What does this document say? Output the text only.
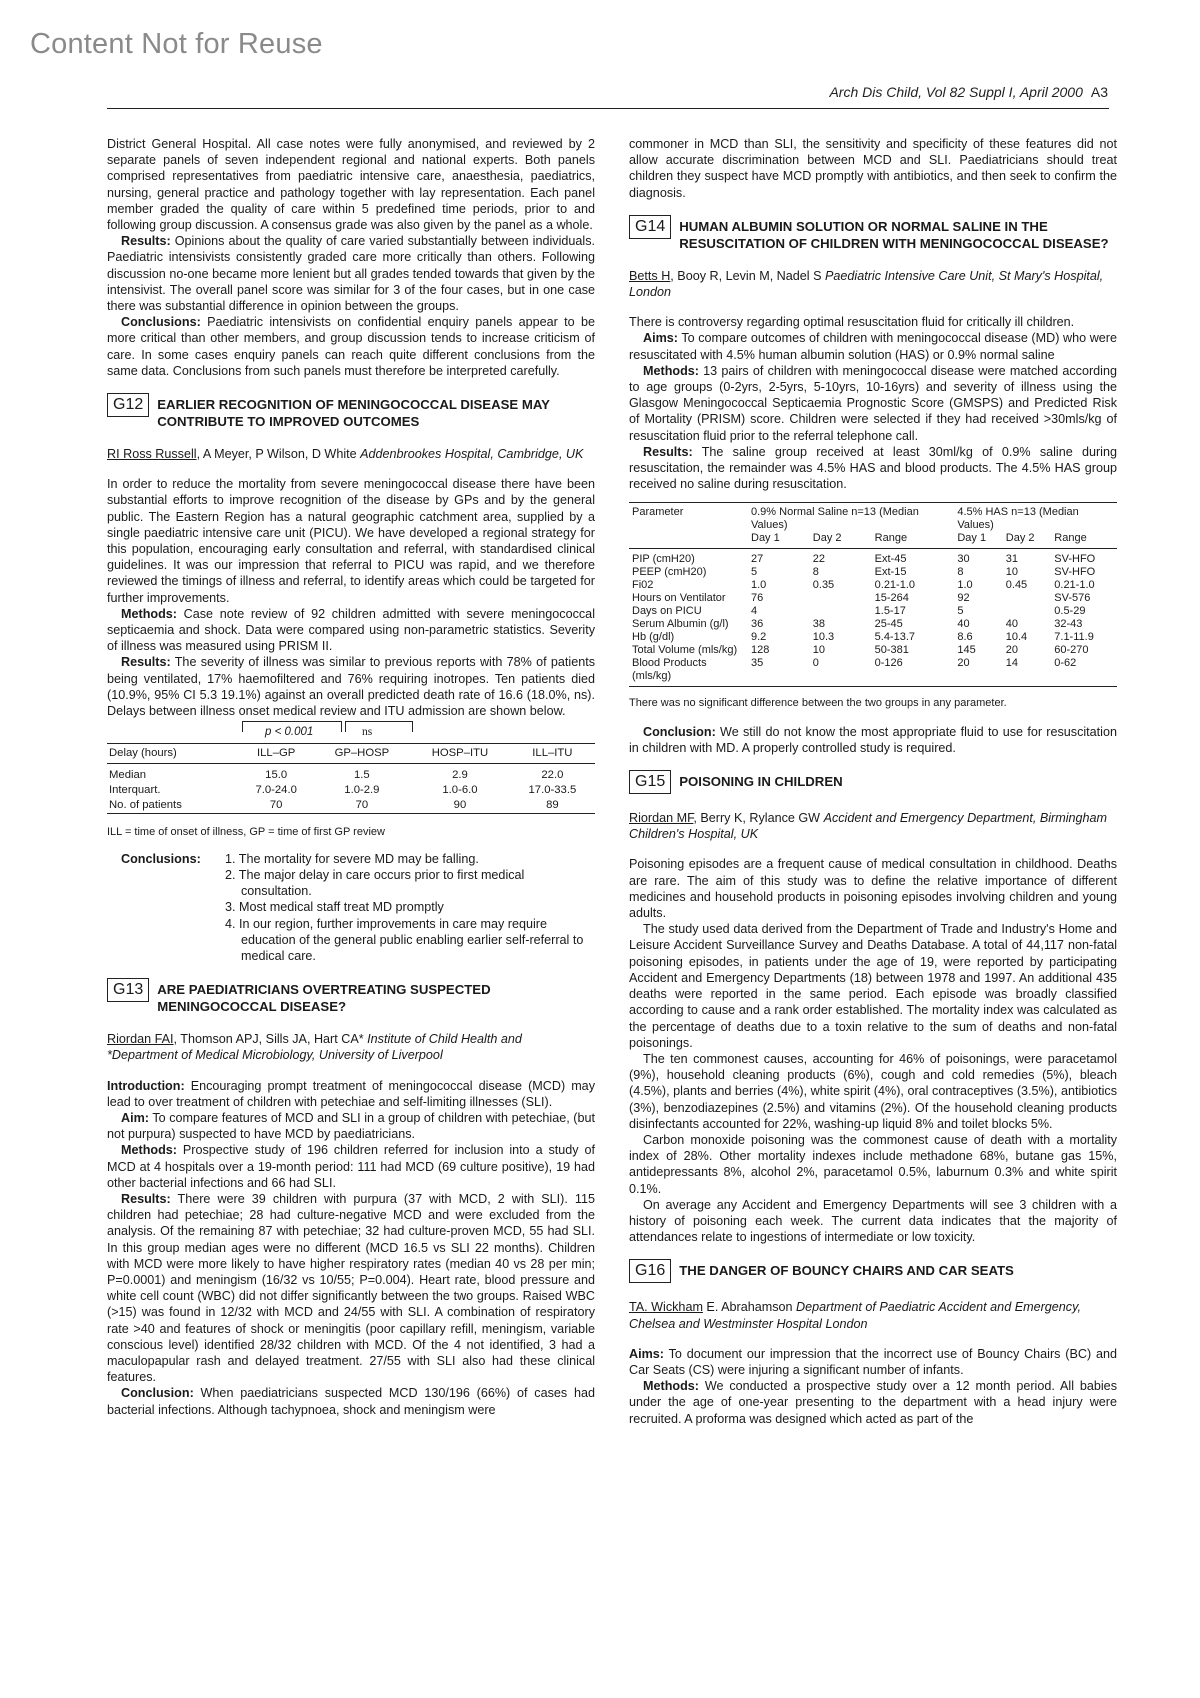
Content Not for Reuse
Arch Dis Child, Vol 82 Suppl I, April 2000 A3

District General Hospital. All case notes were fully anonymised, and reviewed by 2 separate panels of seven independent regional and national experts. Both panels comprised representatives from paediatric intensive care, anaesthesia, paediatrics, nursing, general practice and pathology together with lay representation. Each panel member graded the quality of care within 5 predefined time periods, prior to and following group discussion. A consensus grade was also given by the panel as a whole.

Results: Opinions about the quality of care varied substantially between individuals. Paediatric intensivists consistently graded care more critically than others. Following discussion no-one became more lenient but all grades tended towards that given by the intensivist. The overall panel score was similar for 3 of the four cases, but in one case there was substantial difference in opinion between the groups.

Conclusions: Paediatric intensivists on confidential enquiry panels appear to be more critical than other members, and group discussion tends to increase criticism of care. In some cases enquiry panels can reach quite different conclusions from the same data. Conclusions from such panels must therefore be interpreted carefully.

G12	EARLIER RECOGNITION OF MENINGOCOCCAL DISEASE MAY CONTRIBUTE TO IMPROVED OUTCOMES

RI Ross Russell, A Meyer, P Wilson, D White Addenbrookes Hospital, Cambridge, UK

In order to reduce the mortality from severe meningococcal disease there have been substantial efforts to improve recognition of the disease by GPs and by the general public. The Eastern Region has a natural geographic catchment area, supplied by a single paediatric intensive care unit (PICU). We have developed a regional strategy for this population, encouraging early consultation and referral, with standardised clinical guidelines. It was our impression that referral to PICU was rapid, and we therefore reviewed the timings of illness and referral, to identify areas which could be targeted for further improvements.

Methods: Case note review of 92 children admitted with severe meningococcal septicaemia and shock. Data were compared using non-parametric statistics. Severity of illness was measured using PRISM II.

Results: The severity of illness was similar to previous reports with 78% of patients being ventilated, 17% haemofiltered and 76% requiring inotropes. Ten patients died (10.9%, 95% CI 5.3 19.1%) against an overall predicted death rate of 16.6 (18.0%, ns). Delays between illness onset medical review and ITU admission are shown below.

p < 0.001	ns
Delay (hours)	ILL–GP	GP–HOSP	HOSP–ITU	ILL–ITU
Median	15.0	1.5	2.9	22.0
Interquart.	7.0-24.0	1.0-2.9	1.0-6.0	17.0-33.5
No. of patients	70	70	90	89

ILL = time of onset of illness, GP = time of first GP review

Conclusions:	1. The mortality for severe MD may be falling.
2. The major delay in care occurs prior to first medical consultation.
3. Most medical staff treat MD promptly
4. In our region, further improvements in care may require education of the general public enabling earlier self-referral to medical care.
G13	ARE PAEDIATRICIANS OVERTREATING SUSPECTED MENINGOCOCCAL DISEASE?

Riordan FAI, Thomson APJ, Sills JA, Hart CA* Institute of Child Health and *Department of Medical Microbiology, University of Liverpool

Introduction: Encouraging prompt treatment of meningococcal disease (MCD) may lead to over treatment of children with petechiae and self-limiting illnesses (SLI).

Aim: To compare features of MCD and SLI in a group of children with petechiae, (but not purpura) suspected to have MCD by paediatricians.

Methods: Prospective study of 196 children referred for inclusion into a study of MCD at 4 hospitals over a 19-month period: 111 had MCD (69 culture positive), 19 had other bacterial infections and 66 had SLI.

Results: There were 39 children with purpura (37 with MCD, 2 with SLI). 115 children had petechiae; 28 had culture-negative MCD and were excluded from the analysis. Of the remaining 87 with petechiae; 32 had culture-proven MCD, 55 had SLI. In this group median ages were no different (MCD 16.5 vs SLI 22 months). Children with MCD were more likely to have higher respiratory rates (median 40 vs 28 per min; P=0.0001) and meningism (16/32 vs 10/55; P=0.004). Heart rate, blood pressure and white cell count (WBC) did not differ significantly between the two groups. Raised WBC (>15) was found in 12/32 with MCD and 24/55 with SLI. A combination of respiratory rate >40 and features of shock or meningitis (poor capillary refill, meningism, variable conscious level) identified 28/32 children with MCD. Of the 4 not identified, 3 had a maculopapular rash and delayed treatment. 27/55 with SLI also had these clinical features.

Conclusion: When paediatricians suspected MCD 130/196 (66%) of cases had bacterial infections. Although tachypnoea, shock and meningism were

commoner in MCD than SLI, the sensitivity and specificity of these features did not allow accurate discrimination between MCD and SLI. Paediatricians should treat children they suspect have MCD promptly with antibiotics, and then seek to confirm the diagnosis.

G14	HUMAN ALBUMIN SOLUTION OR NORMAL SALINE IN THE RESUSCITATION OF CHILDREN WITH MENINGOCOCCAL DISEASE?

Betts H, Booy R, Levin M, Nadel S Paediatric Intensive Care Unit, St Mary's Hospital, London

There is controversy regarding optimal resuscitation fluid for critically ill children.

Aims: To compare outcomes of children with meningococcal disease (MD) who were resuscitated with 4.5% human albumin solution (HAS) or 0.9% normal saline

Methods: 13 pairs of children with meningococcal disease were matched according to age groups (0-2yrs, 2-5yrs, 5-10yrs, 10-16yrs) and severity of illness using the Glasgow Meningococcal Septicaemia Prognostic Score (GMSPS) and Predicted Risk of Mortality (PRISM) score. Children were selected if they had received >30mls/kg of resuscitation fluid prior to the referral telephone call.

Results: The saline group received at least 30ml/kg of 0.9% saline during resuscitation, the remainder was 4.5% HAS and blood products. The 4.5% HAS group received no saline during resuscitation.

Parameter	0.9% Normal Saline n=13 (Median Values)			4.5% HAS n=13 (Median Values)		
	Day 1	Day 2	Range	Day 1	Day 2	Range
PIP (cmH20)	27	22	Ext-45	30	31	SV-HFO
PEEP (cmH20)	5	8	Ext-15	8	10	SV-HFO
Fi02	1.0	0.35	0.21-1.0	1.0	0.45	0.21-1.0
Hours on Ventilator	76		15-264	92		SV-576
Days on PICU	4		1.5-17	5		0.5-29
Serum Albumin (g/l)	36	38	25-45	40	40	32-43
Hb (g/dl)	9.2	10.3	5.4-13.7	8.6	10.4	7.1-11.9
Total Volume (mls/kg)	128	10	50-381	145	20	60-270
Blood Products (mls/kg)	35	0	0-126	20	14	0-62

There was no significant difference between the two groups in any parameter.

Conclusion: We still do not know the most appropriate fluid to use for resuscitation in children with MD. A properly controlled study is required.

G15	POISONING IN CHILDREN

Riordan MF, Berry K, Rylance GW Accident and Emergency Department, Birmingham Children's Hospital, UK

Poisoning episodes are a frequent cause of medical consultation in childhood. Deaths are rare. The aim of this study was to define the relative importance of different medicines and household products in poisoning episodes involving children and young adults.

The study used data derived from the Department of Trade and Industry's Home and Leisure Accident Surveillance Survey and Deaths Database. A total of 44,117 non-fatal poisoning episodes, in patients under the age of 19, were reported by participating Accident and Emergency Departments (18) between 1978 and 1997. An additional 435 deaths were reported in the same period. Each episode was broadly classified according to cause and a rank order established. The mortality index was calculated as the percentage of deaths due to a toxin relative to the sum of deaths and non-fatal poisonings.

The ten commonest causes, accounting for 46% of poisonings, were paracetamol (9%), household cleaning products (6%), cough and cold remedies (5%), bleach (4.5%), plants and berries (4%), white spirit (4%), oral contraceptives (3.5%), antibiotics (3%), benzodiazepines (2.5%) and vitamins (2%). Of the household cleaning products disinfectants accounted for 22%, washing-up liquid 8% and toilet blocks 5%.

Carbon monoxide poisoning was the commonest cause of death with a mortality index of 28%. Other mortality indexes include methadone 68%, butane gas 15%, antidepressants 8%, alcohol 2%, paracetamol 0.5%, laburnum 0.3% and white spirit 0.1%.

On average any Accident and Emergency Departments will see 3 children with a history of poisoning each week. The current data indicates that the majority of attendances relate to ingestions of intermediate or low toxicity.

G16	THE DANGER OF BOUNCY CHAIRS AND CAR SEATS

TA. Wickham E. Abrahamson Department of Paediatric Accident and Emergency, Chelsea and Westminster Hospital London

Aims: To document our impression that the incorrect use of Bouncy Chairs (BC) and Car Seats (CS) were injuring a significant number of infants.

Methods: We conducted a prospective study over a 12 month period. All babies under the age of one-year presenting to the department with a head injury were recruited. A proforma was designed which acted as part of the
